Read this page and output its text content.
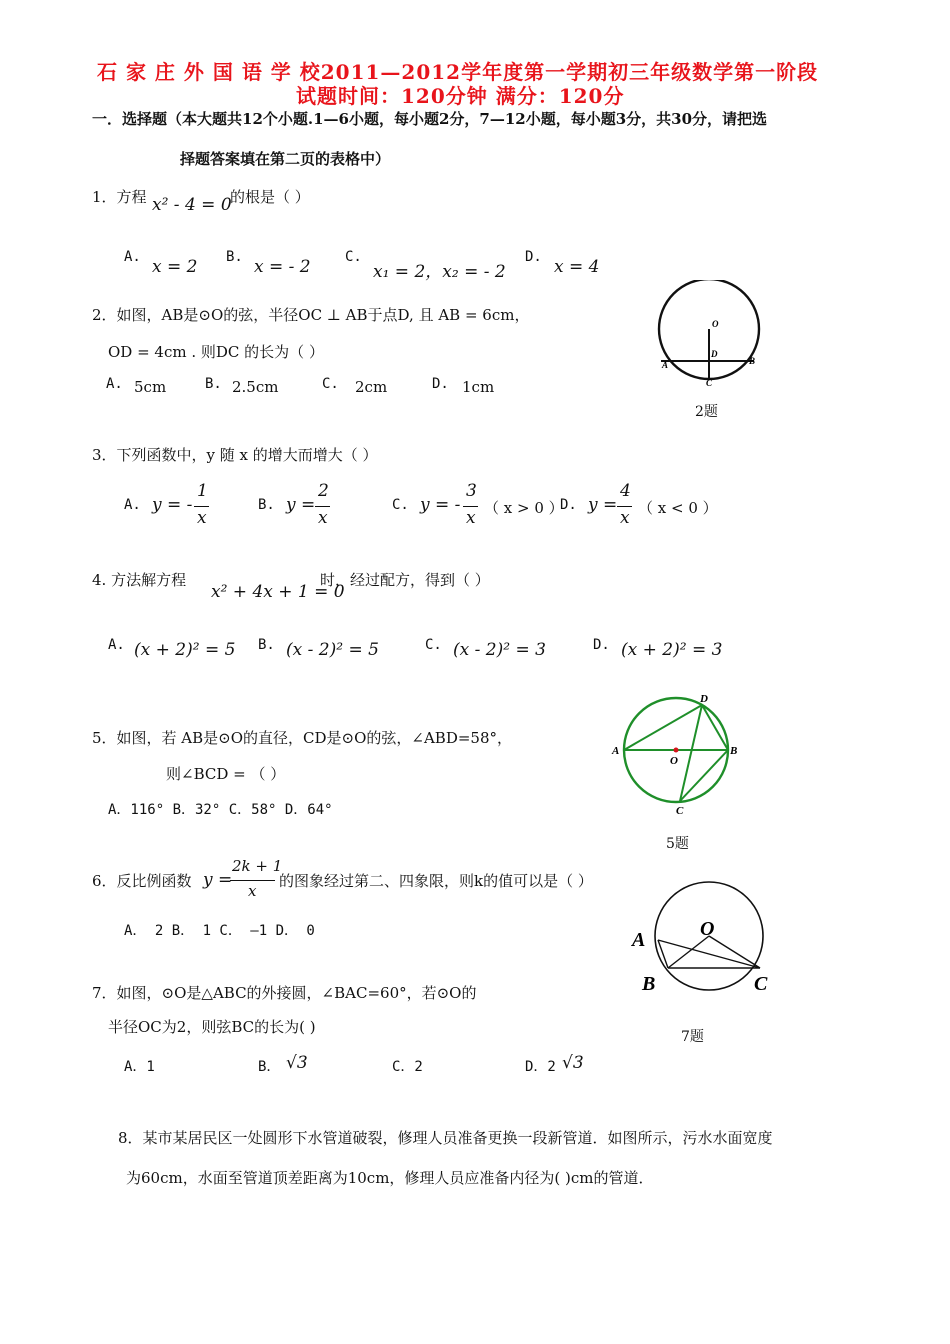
石 家 庄 外 国 语 学 校2011—2012学年度第一学期初三年级数学第一阶段
试题时间：120分钟 满分：120分
一．选择题（本大题共12个小题.1—6小题，每小题2分，7—12小题，每小题3分，共30分，请把选
择题答案填在第二页的表格中）
1．方程 x² - 4 = 0
的根是（ ）
A. x = 2 B. x = - 2 C.
x₁ = 2，x₂ = - 2
D. x = 4
2．如图，AB是⊙O的弦，半径OC ⊥ AB于点D, 且 AB = 6cm，
OD = 4cm . 则DC 的长为（ ）
A. 5cm	B. 2.5cm	C. 2cm	D. 1cm
O
D
A	B
C
2题
3．下列函数中，y 随 x 的增大而增大（ ）
A. y = -
1
x
B. y =
2
x
C. y = -
3
x （ x > 0 ）
D. y =
4
x （ x < 0 ）
4. 方法解方程
x² + 4x + 1 = 0
时，经过配方，得到（ ）
A. (x + 2)² = 5 B. (x - 2)² = 5	C. (x - 2)² = 3	D. (x + 2)² = 3
5．如图，若 AB是⊙O的直径，CD是⊙O的弦，∠ABD=58°，
则∠BCD = （ ）
A．116° B．32° C．58° D．64°
A	B
D
C
O
5题
6．反比例函数 y =
2k + 1
x
的图象经过第二、四象限，则k的值可以是（ ）
A． 2 B． 1 C． —1 D． 0	A
B	C
O
7题
7．如图，⊙O是△ABC的外接圆，∠BAC=60°，若⊙O的
半径OC为2，则弦BC的长为( )
A．1	B． √3	C．2	D．2 √3
8．某市某居民区一处圆形下水管道破裂，修理人员准备更换一段新管道．如图所示，污水水面宽度
为60cm，水面至管道顶差距离为10cm，修理人员应准备内径为( )cm的管道．
